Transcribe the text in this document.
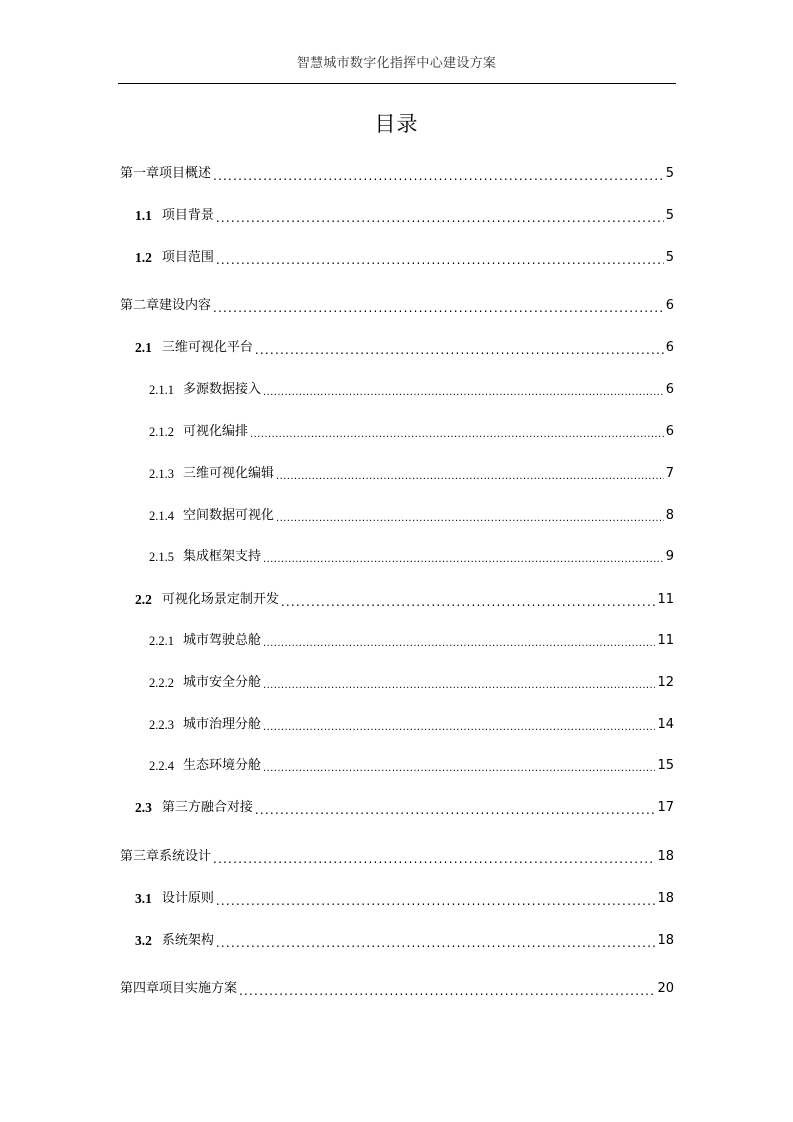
智慧城市数字化指挥中心建设方案
目录
第一章项目概述 .....	5
1.1 项目背景 .....	5
1.2 项目范围 .....	5
第二章建设内容 .....	6
2.1 三维可视化平台 .....	6
2.1.1 多源数据接入 .....	6
2.1.2 可视化编排 .....	6
2.1.3 三维可视化编辑 .....	7
2.1.4 空间数据可视化 .....	8
2.1.5 集成框架支持 .....	9
2.2 可视化场景定制开发 .....	11
2.2.1 城市驾驶总舱 .....	11
2.2.2 城市安全分舱 .....	12
2.2.3 城市治理分舱 .....	14
2.2.4 生态环境分舱 .....	15
2.3 第三方融合对接 .....	17
第三章系统设计 .....	18
3.1 设计原则 .....	18
3.2 系统架构 .....	18
第四章项目实施方案 .....	20
